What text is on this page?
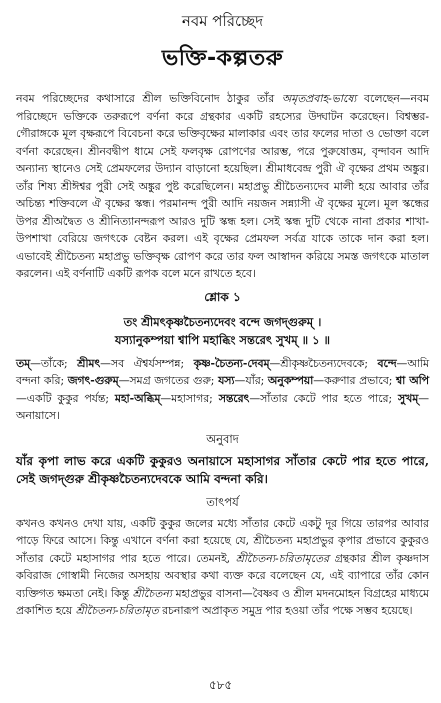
নবম পরিচ্ছেদ
ভক্তি-কল্পতরু

নবম পরিচ্ছেদের কথাসারে শ্রীল ভক্তিবিনোদ ঠাকুর তাঁর অমৃতপ্রবাহ-ভাষ্যে বলেছেন—নবম পরিচ্ছেদে ভক্তিকে তরুরূপে বর্ণনা করে গ্রন্থকার একটি রহস্যের উদ্ঘাটন করেছেন। বিশ্বম্ভর-গৌরাঙ্গকে মূল বৃক্ষরূপে বিবেচনা করে ভক্তিবৃক্ষের মালাকার এবং তার ফলের দাতা ও ভোক্তা বলে বর্ণনা করেছেন। শ্রীনবদ্বীপ ধামে সেই ফলবৃক্ষ রোপণের আরম্ভ, পরে পুরুষোত্তম, বৃন্দাবন আদি অন্যান্য স্থানেও সেই প্রেমফলের উদ্যান বাড়ানো হয়েছিল। শ্রীমাধবেন্দ্র পুরী ঐ বৃক্ষের প্রথম অঙ্কুর। তাঁর শিষ্য শ্রীঈশ্বর পুরী সেই অঙ্কুর পুষ্ট করেছিলেন। মহাপ্রভু শ্রীচৈতন্যদেব মালী হয়ে আবার তাঁর অচিন্ত্য শক্তিবলে ঐ বৃক্ষের স্কন্ধ। পরমানন্দ পুরী আদি নয়জন সন্ন্যাসী ঐ বৃক্ষের মূলে। মূল স্কন্ধের উপর শ্রীঅদ্বৈত ও শ্রীনিত্যানন্দরূপ আরও দুটি স্কন্ধ হল। সেই স্কন্ধ দুটি থেকে নানা প্রকার শাখা-উপশাখা বেরিয়ে জগৎকে বেষ্টন করল। এই বৃক্ষের প্রেমফল সর্বত্র যাকে তাকে দান করা হল। এভাবেই শ্রীচৈতন্য মহাপ্রভু ভক্তিবৃক্ষ রোপণ করে তার ফল আস্বাদন করিয়ে সমস্ত জগৎকে মাতাল করলেন। এই বর্ণনাটি একটি রূপক বলে মনে রাখতে হবে।

শ্লোক ১

তং শ্রীমৎকৃষ্ণচৈতন্যদেবং বন্দে জগদ্গুরুম্ ।

যস্যানুকম্পয়া শ্বাপি মহাব্ধিং সন্তরেৎ সুখম্ ॥ ১ ॥

তম্—তাঁকে; শ্রীমৎ—সব ঐশ্বর্যসম্পন্ন; কৃষ্ণ-চৈতন্য-দেবম্—শ্রীকৃষ্ণচৈতন্যদেবকে; বন্দে—আমি বন্দনা করি; জগৎ-গুরুম্—সমগ্র জগতের গুরু; যস্য—যাঁর; অনুকম্পয়া—করুণার প্রভাবে; শ্বা অপি—একটি কুকুর পর্যন্ত; মহা-অব্ধিম্—মহাসাগর; সন্তরেৎ—সাঁতার কেটে পার হতে পারে; সুখম্—অনায়াসে।

অনুবাদ

যাঁর কৃপা লাভ করে একটি কুকুরও অনায়াসে মহাসাগর সাঁতার কেটে পার হতে পারে, সেই জগদ্গুরু শ্রীকৃষ্ণচৈতন্যদেবকে আমি বন্দনা করি।

তাৎপর্য

কখনও কখনও দেখা যায়, একটি কুকুর জলের মধ্যে সাঁতার কেটে একটু দূর গিয়ে তারপর আবার পাড়ে ফিরে আসে। কিন্তু এখানে বর্ণনা করা হয়েছে যে, শ্রীচৈতন্য মহাপ্রভুর কৃপার প্রভাবে কুকুরও সাঁতার কেটে মহাসাগর পার হতে পারে। তেমনই, শ্রীচৈতন্য-চরিতামৃতের গ্রন্থকার শ্রীল কৃষ্ণদাস কবিরাজ গোস্বামী নিজের অসহায় অবস্থার কথা ব্যক্ত করে বলেছেন যে, এই ব্যাপারে তাঁর কোন ব্যক্তিগত ক্ষমতা নেই। কিন্তু শ্রীচৈতন্য মহাপ্রভুর বাসনা—বৈষ্ণব ও শ্রীল মদনমোহন বিগ্রহের মাধ্যমে প্রকাশিত হয়ে শ্রীচৈতন্য-চরিতামৃত রচনারূপ অপ্রাকৃত সমুদ্র পার হওয়া তাঁর পক্ষে সম্ভব হয়েছে।

৫৮৫
